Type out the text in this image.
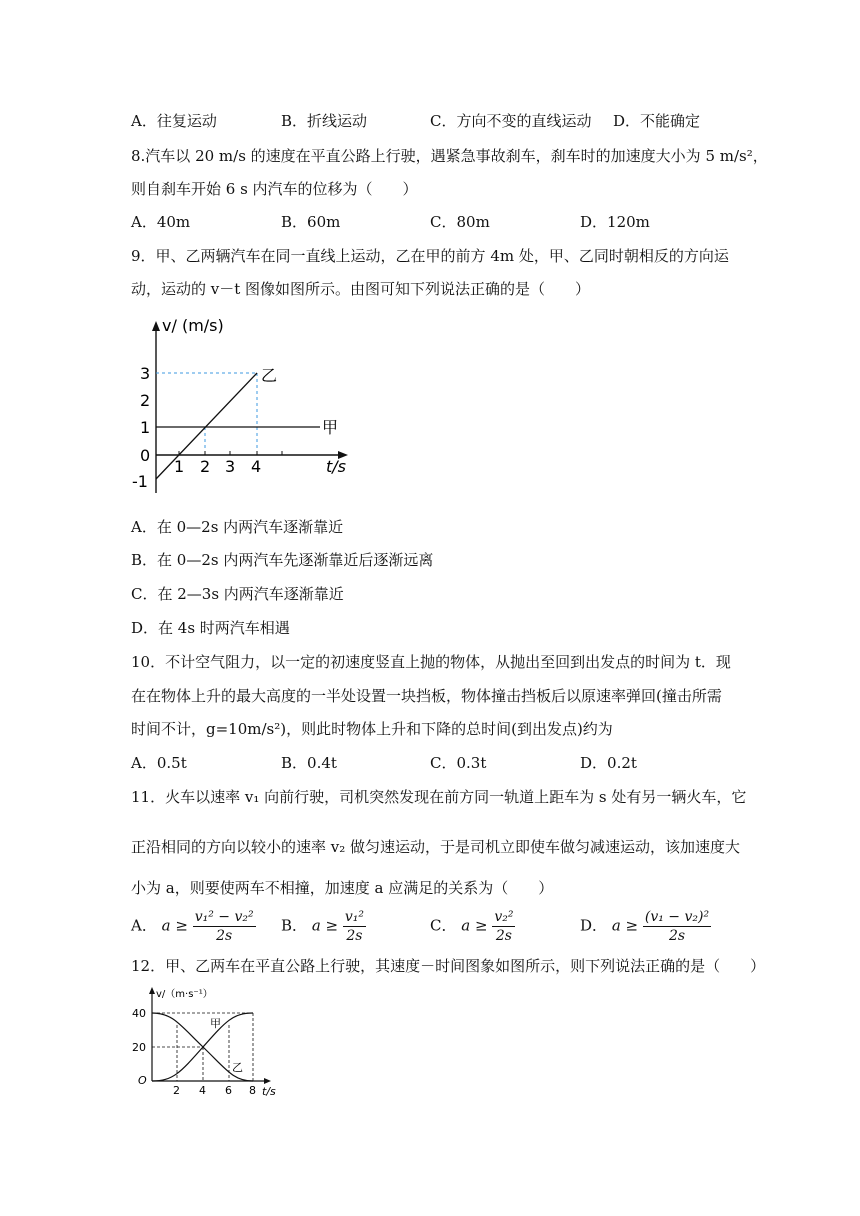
A．往复运动	B．折线运动	C．方向不变的直线运动 D．不能确定
8.汽车以 20 m/s 的速度在平直公路上行驶，遇紧急事故刹车，刹车时的加速度大小为 5 m/s²，
则自刹车开始 6 s 内汽车的位移为（　　）
A．40m	B．60m	C．80m	D．120m
9．甲、乙两辆汽车在同一直线上运动，乙在甲的前方 4m 处，甲、乙同时朝相反的方向运
动，运动的 v－t 图像如图所示。由图可知下列说法正确的是（　　）
v/ (m/s)
t/s
3
2
1
0
-1
1 2 3 4
乙
甲
A．在 0—2s 内两汽车逐渐靠近
B．在 0—2s 内两汽车先逐渐靠近后逐渐远离
C．在 2—3s 内两汽车逐渐靠近
D．在 4s 时两汽车相遇
10．不计空气阻力，以一定的初速度竖直上抛的物体，从抛出至回到出发点的时间为 t．现
在在物体上升的最大高度的一半处设置一块挡板，物体撞击挡板后以原速率弹回(撞击所需
时间不计，g=10m/s²)，则此时物体上升和下降的总时间(到出发点)约为
A．0.5t	B．0.4t	C．0.3t	D．0.2t
11．火车以速率 v₁ 向前行驶，司机突然发现在前方同一轨道上距车为 s 处有另一辆火车，它
正沿相同的方向以较小的速率 v₂ 做匀速运动，于是司机立即使车做匀减速运动，该加速度大
小为 a，则要使两车不相撞，加速度 a 应满足的关系为（　　）
A． $a \ge \frac{\text{v₁² − v₂²}}{2s}$ B． $a \ge \frac{\text{v₁²}}{2s}$	C． $a \ge \frac{\text{v₂²}}{2s}$	D． $a \ge \frac{\text{(v₁ − v₂)²}}{2s}$
12．甲、乙两车在平直公路上行驶，其速度－时间图象如图所示，则下列说法正确的是（　　）
v/（m·s⁻¹）
t/s
O
40
20
2 4 6 8
甲
乙
